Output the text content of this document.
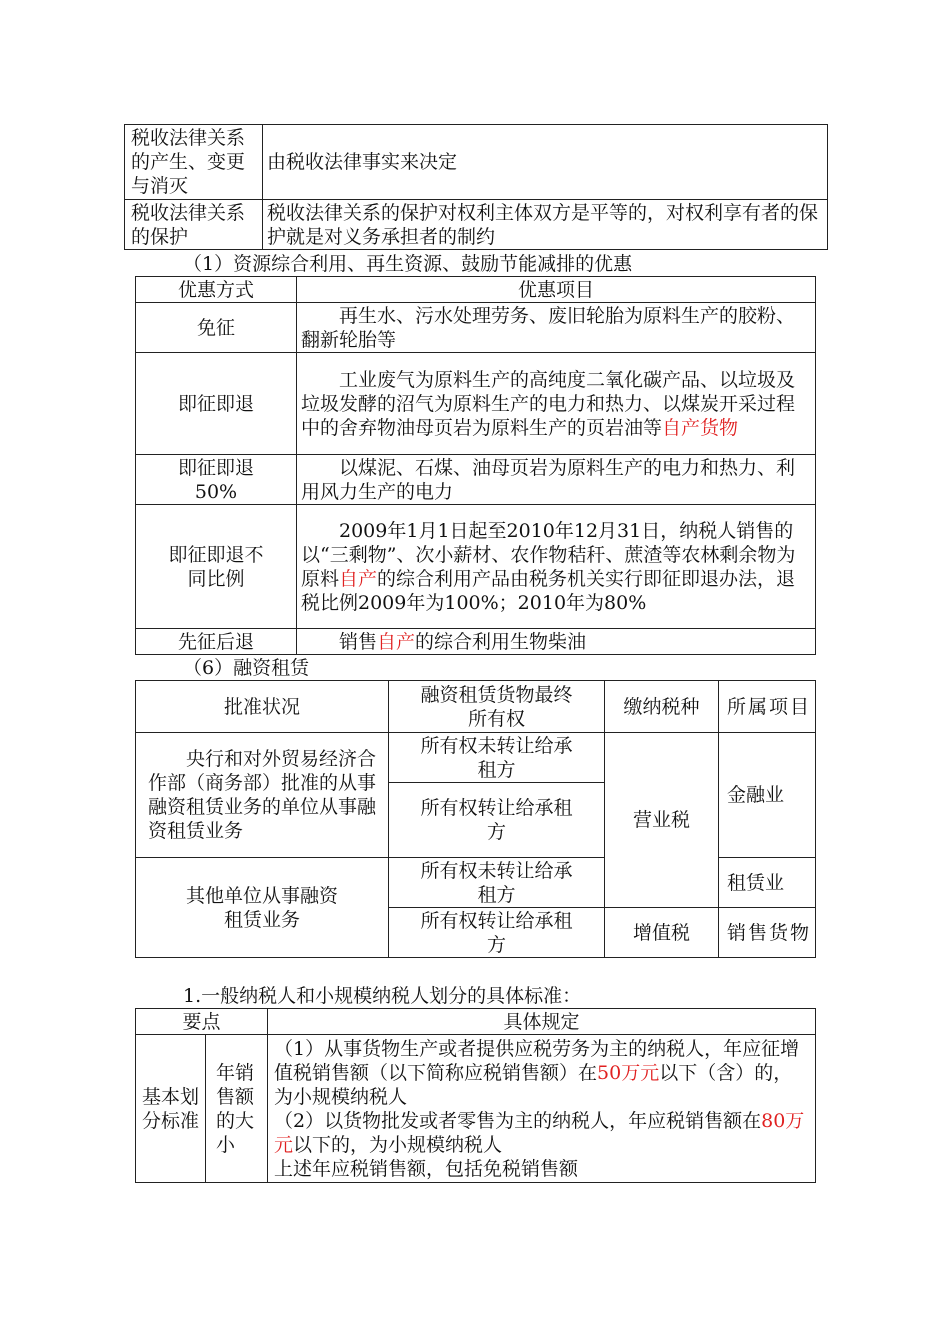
税收法律关系的产生、变更与消灭	由税收法律事实来决定
税收法律关系的保护	税收法律关系的保护对权利主体双方是平等的，对权利享有者的保护就是对义务承担者的制约
（1）资源综合利用、再生资源、鼓励节能减排的优惠
优惠方式	优惠项目
免征	再生水、污水处理劳务、废旧轮胎为原料生产的胶粉、翻新轮胎等
即征即退	工业废气为原料生产的高纯度二氧化碳产品、以垃圾及垃圾发酵的沼气为原料生产的电力和热力、以煤炭开采过程中的舍弃物油母页岩为原料生产的页岩油等自产货物
即征即退50%	以煤泥、石煤、油母页岩为原料生产的电力和热力、利用风力生产的电力
即征即退不同比例	2009年1月1日起至2010年12月31日，纳税人销售的以“三剩物”、次小薪材、农作物秸秆、蔗渣等农林剩余物为原料自产的综合利用产品由税务机关实行即征即退办法，退税比例2009年为100%；2010年为80%
先征后退	销售自产的综合利用生物柴油
（6）融资租赁
批准状况	融资租赁货物最终所有权	缴纳税种	所属项目
央行和对外贸易经济合作部（商务部）批准的从事融资租赁业务的单位从事融资租赁业务	所有权未转让给承租方	营业税	金融业
	所有权转让给承租方		
其他单位从事融资租赁业务	所有权未转让给承租方		租赁业
	所有权转让给承租方	增值税	销售货物
1.一般纳税人和小规模纳税人划分的具体标准：
要点		具体规定
基本划分标准	年销售额的大小	（1）从事货物生产或者提供应税劳务为主的纳税人，年应征增值税销售额（以下简称应税销售额）在50万元以下（含）的，为小规模纳税人
（2）以货物批发或者零售为主的纳税人，年应税销售额在80万元以下的，为小规模纳税人
上述年应税销售额，包括免税销售额
